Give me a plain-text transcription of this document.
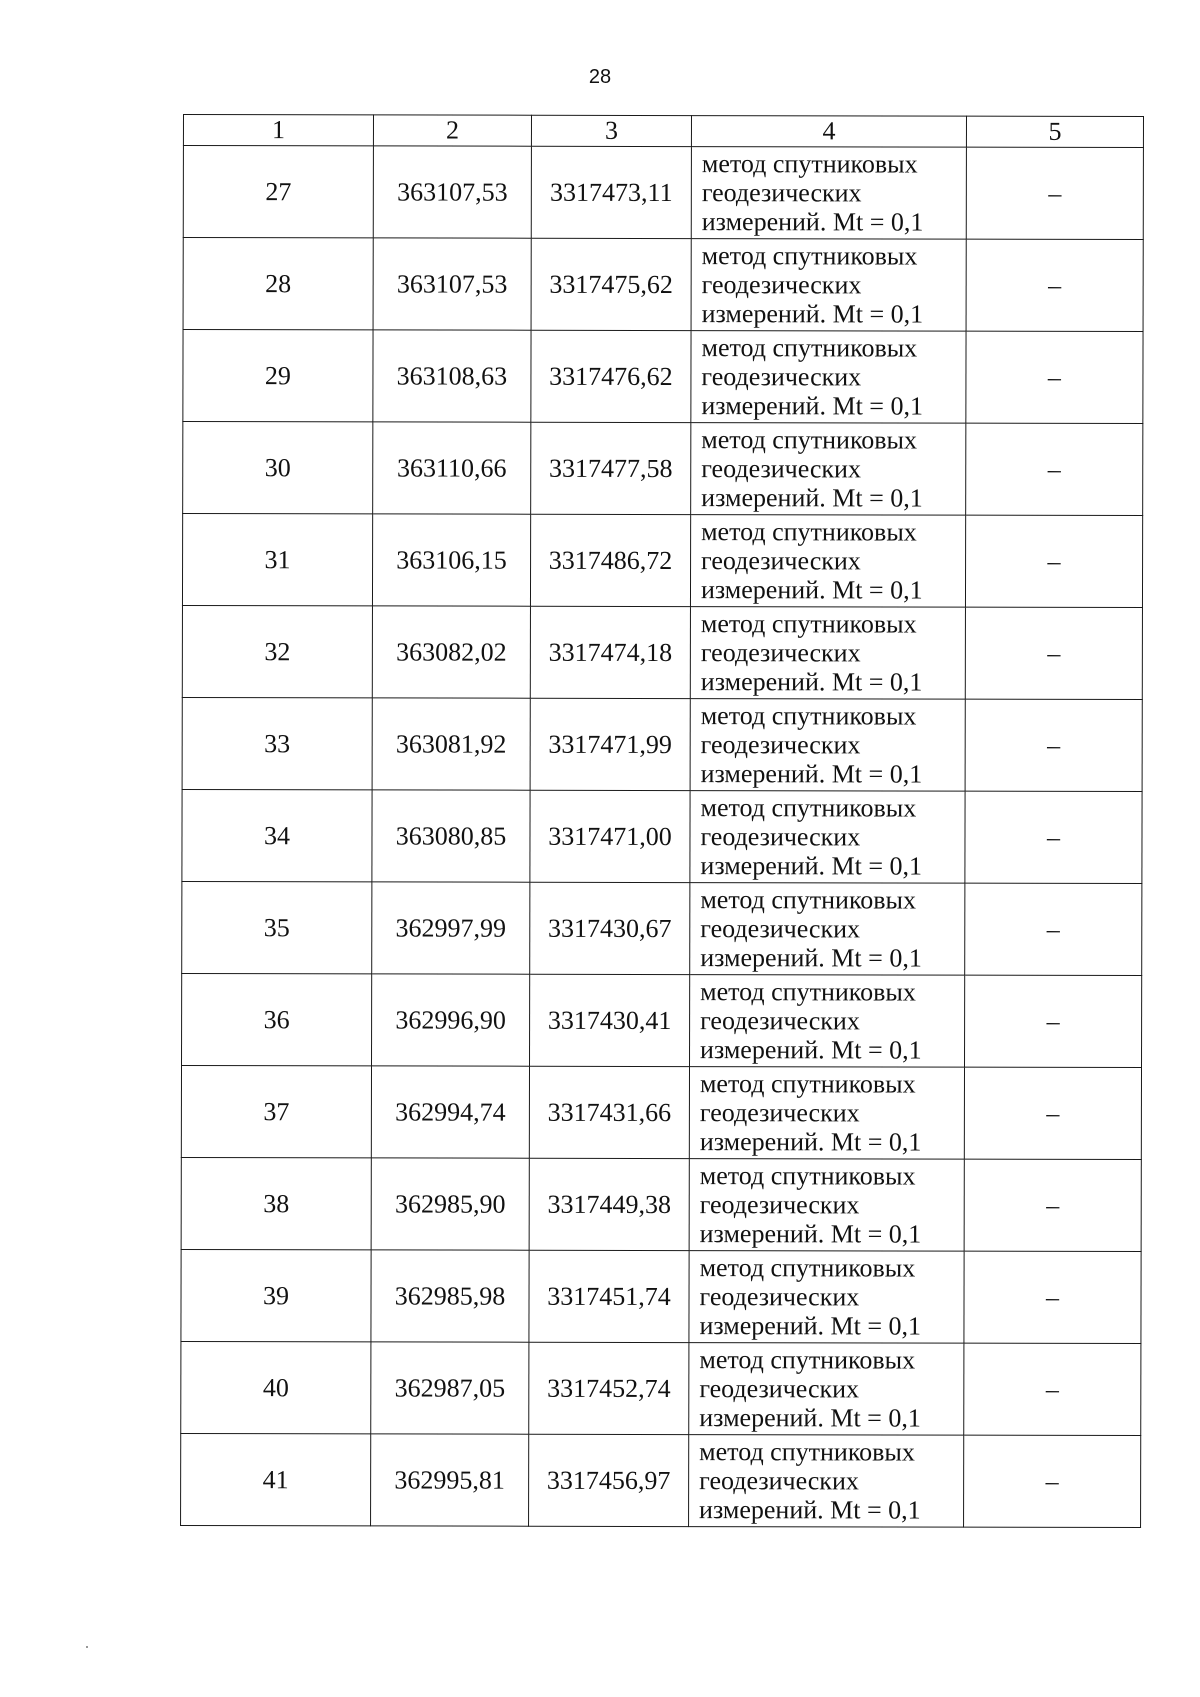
28
1	2	3	4	5
27	363107,53	3317473,11	метод спутниковых
геодезических
измерений. Mt = 0,1	–
28	363107,53	3317475,62	метод спутниковых
геодезических
измерений. Mt = 0,1	–
29	363108,63	3317476,62	метод спутниковых
геодезических
измерений. Mt = 0,1	–
30	363110,66	3317477,58	метод спутниковых
геодезических
измерений. Mt = 0,1	–
31	363106,15	3317486,72	метод спутниковых
геодезических
измерений. Mt = 0,1	–
32	363082,02	3317474,18	метод спутниковых
геодезических
измерений. Mt = 0,1	–
33	363081,92	3317471,99	метод спутниковых
геодезических
измерений. Mt = 0,1	–
34	363080,85	3317471,00	метод спутниковых
геодезических
измерений. Mt = 0,1	–
35	362997,99	3317430,67	метод спутниковых
геодезических
измерений. Mt = 0,1	–
36	362996,90	3317430,41	метод спутниковых
геодезических
измерений. Mt = 0,1	–
37	362994,74	3317431,66	метод спутниковых
геодезических
измерений. Mt = 0,1	–
38	362985,90	3317449,38	метод спутниковых
геодезических
измерений. Mt = 0,1	–
39	362985,98	3317451,74	метод спутниковых
геодезических
измерений. Mt = 0,1	–
40	362987,05	3317452,74	метод спутниковых
геодезических
измерений. Mt = 0,1	–
41	362995,81	3317456,97	метод спутниковых
геодезических
измерений. Mt = 0,1	–
